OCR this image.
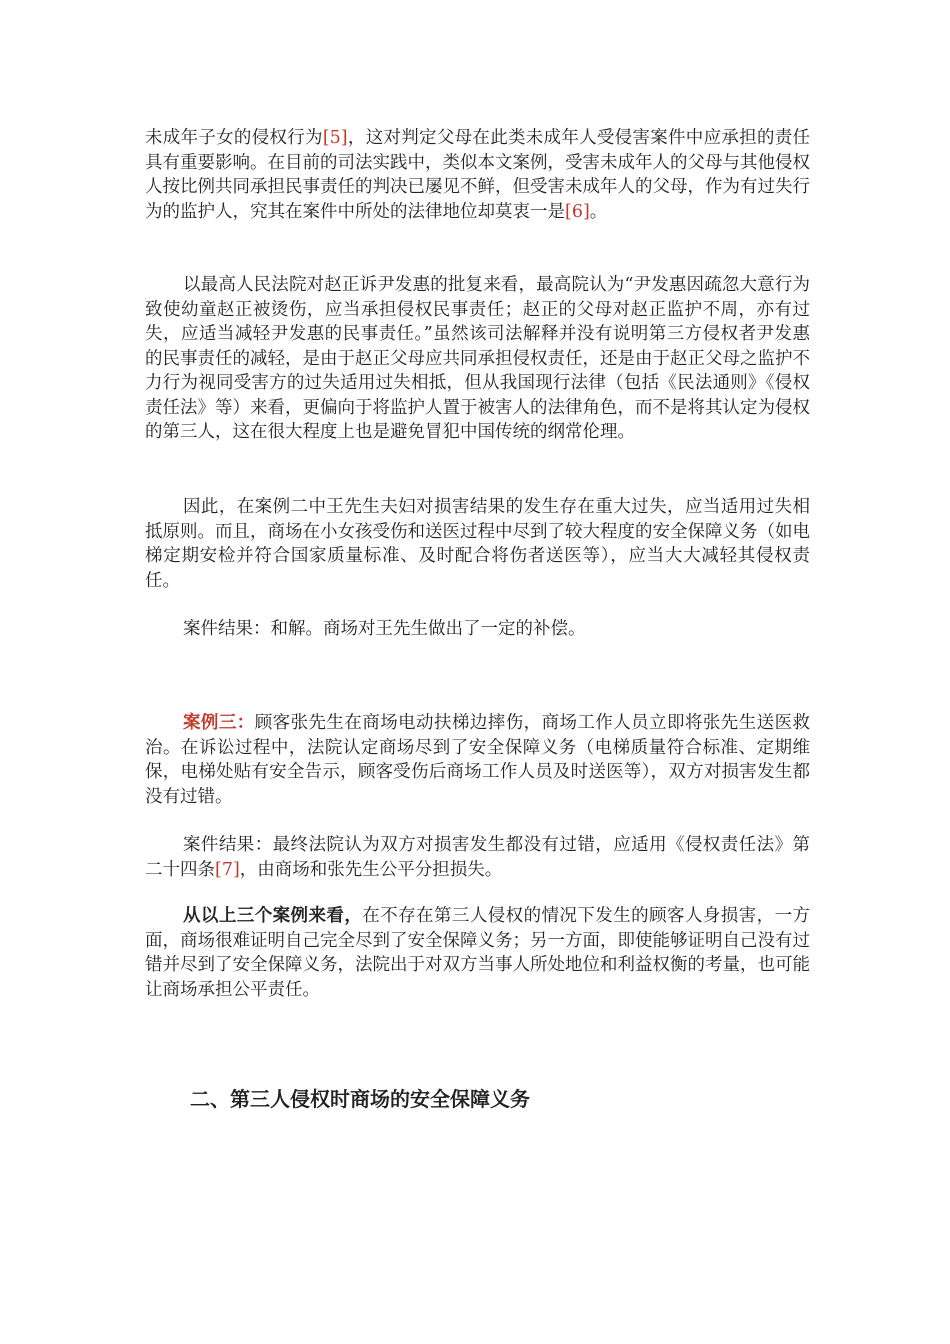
未成年子女的侵权行为[5]，这对判定父母在此类未成年人受侵害案件中应承担的责任具有重要影响。在目前的司法实践中，类似本文案例，受害未成年人的父母与其他侵权人按比例共同承担民事责任的判决已屡见不鲜，但受害未成年人的父母，作为有过失行为的监护人，究其在案件中所处的法律地位却莫衷一是[6]。

以最高人民法院对赵正诉尹发惠的批复来看，最高院认为“尹发惠因疏忽大意行为致使幼童赵正被烫伤，应当承担侵权民事责任；赵正的父母对赵正监护不周，亦有过失，应适当减轻尹发惠的民事责任。”虽然该司法解释并没有说明第三方侵权者尹发惠的民事责任的减轻，是由于赵正父母应共同承担侵权责任，还是由于赵正父母之监护不力行为视同受害方的过失适用过失相抵，但从我国现行法律（包括《民法通则》《侵权责任法》等）来看，更偏向于将监护人置于被害人的法律角色，而不是将其认定为侵权的第三人，这在很大程度上也是避免冒犯中国传统的纲常伦理。

因此，在案例二中王先生夫妇对损害结果的发生存在重大过失，应当适用过失相抵原则。而且，商场在小女孩受伤和送医过程中尽到了较大程度的安全保障义务（如电梯定期安检并符合国家质量标准、及时配合将伤者送医等），应当大大减轻其侵权责任。

案件结果：和解。商场对王先生做出了一定的补偿。

案例三：顾客张先生在商场电动扶梯边摔伤，商场工作人员立即将张先生送医救治。在诉讼过程中，法院认定商场尽到了安全保障义务（电梯质量符合标准、定期维保，电梯处贴有安全告示，顾客受伤后商场工作人员及时送医等），双方对损害发生都没有过错。

案件结果：最终法院认为双方对损害发生都没有过错，应适用《侵权责任法》第二十四条[7]，由商场和张先生公平分担损失。

从以上三个案例来看，在不存在第三人侵权的情况下发生的顾客人身损害，一方面，商场很难证明自己完全尽到了安全保障义务；另一方面，即使能够证明自己没有过错并尽到了安全保障义务，法院出于对双方当事人所处地位和利益权衡的考量，也可能让商场承担公平责任。

二、第三人侵权时商场的安全保障义务
